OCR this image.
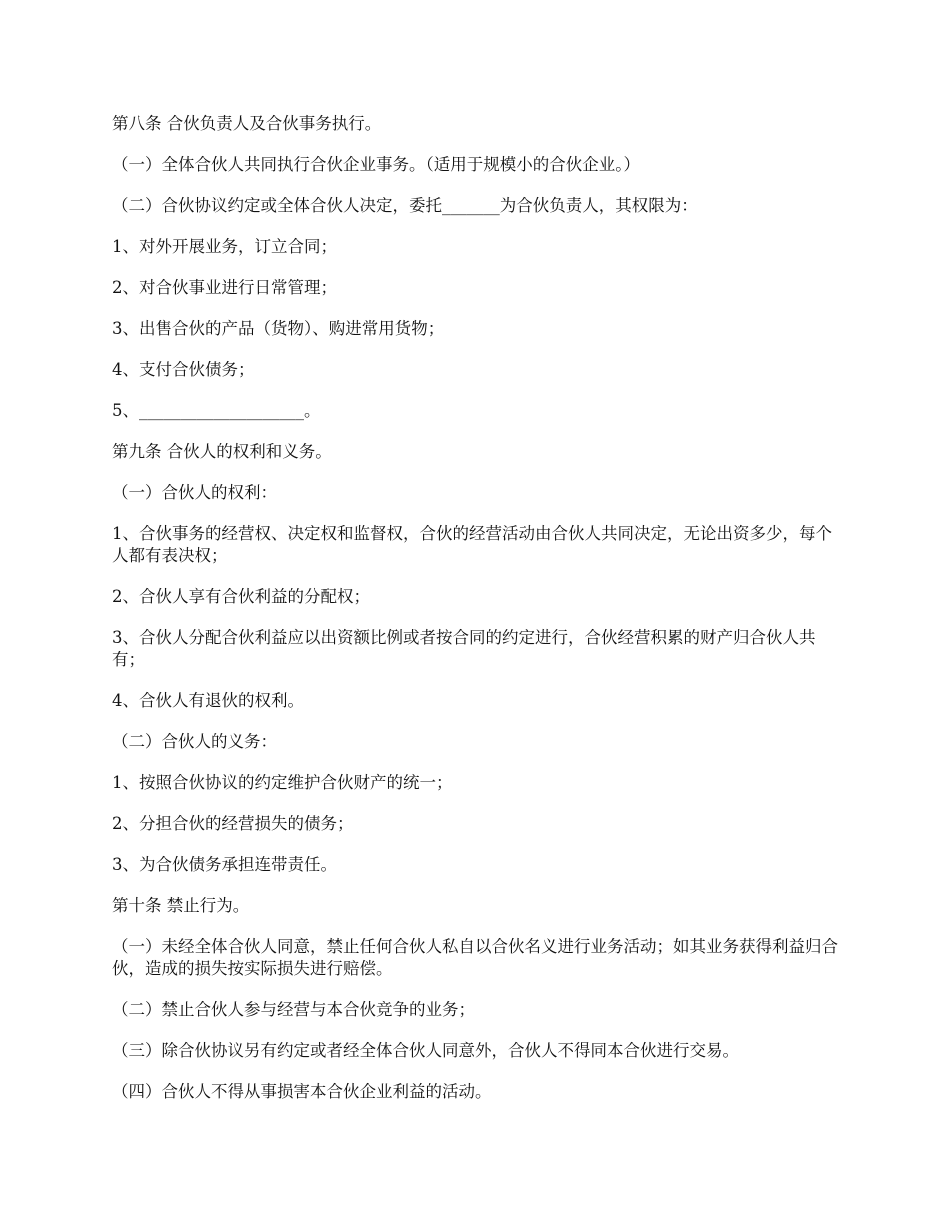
第八条 合伙负责人及合伙事务执行。

（一）全体合伙人共同执行合伙企业事务。（适用于规模小的合伙企业。）

（二）合伙协议约定或全体合伙人决定，委托_______为合伙负责人，其权限为：

1、对外开展业务，订立合同；

2、对合伙事业进行日常管理；

3、出售合伙的产品（货物）、购进常用货物；

4、支付合伙债务；

5、____________________。

第九条 合伙人的权利和义务。

（一）合伙人的权利：

1、合伙事务的经营权、决定权和监督权，合伙的经营活动由合伙人共同决定，无论出资多少，每个人都有表决权；

2、合伙人享有合伙利益的分配权；

3、合伙人分配合伙利益应以出资额比例或者按合同的约定进行，合伙经营积累的财产归合伙人共有；

4、合伙人有退伙的权利。

（二）合伙人的义务：

1、按照合伙协议的约定维护合伙财产的统一；

2、分担合伙的经营损失的债务；

3、为合伙债务承担连带责任。

第十条 禁止行为。

（一）未经全体合伙人同意，禁止任何合伙人私自以合伙名义进行业务活动；如其业务获得利益归合伙，造成的损失按实际损失进行赔偿。

（二）禁止合伙人参与经营与本合伙竞争的业务；

（三）除合伙协议另有约定或者经全体合伙人同意外，合伙人不得同本合伙进行交易。

（四）合伙人不得从事损害本合伙企业利益的活动。
